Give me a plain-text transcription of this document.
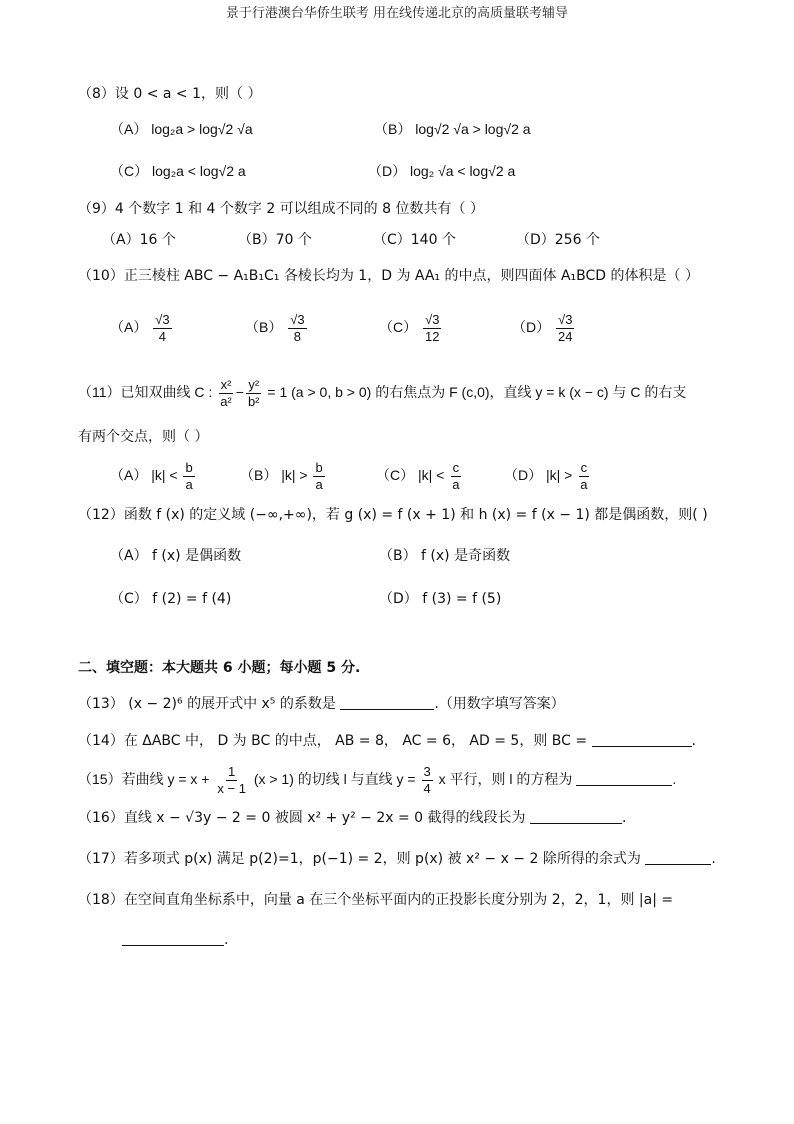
景于行港澳台华侨生联考 用在线传递北京的高质量联考辅导
（8）设 0 < a < 1，则（ ）
（A） log₂a > log√2 √a	（B） log√2 √a > log√2 a
（C） log₂a < log√2 a	（D） log₂ √a < log√2 a
（9）4 个数字 1 和 4 个数字 2 可以组成不同的 8 位数共有（ ）
（A）16 个	（B）70 个	（C）140 个	（D）256 个
（10）正三棱柱 ABC − A₁B₁C₁ 各棱长均为 1，D 为 AA₁ 的中点，则四面体 A₁BCD 的体积是（ ）
$(A) \frac{√3}{4}$	$(B) \frac{√3}{8}$	$(C) \frac{√3}{12}$	$(D) \frac{√3}{24}$
（11）已知双曲线 C : $\frac{\text{x²}}{\text{a²}} - \frac{\text{y²}}{\text{b²}} = 1$ (a > 0, b > 0) 的右焦点为 F (c,0)，直线 y = k (x − c) 与 C 的右支
有两个交点，则（ ）
（A） $|k| < \frac{b}{a}$	（B） $|k| > \frac{b}{a}$	（C） $|k| < \frac{c}{a}$	（D） $|k| > \frac{c}{a}$
（12）函数 f (x) 的定义域 (−∞,+∞)，若 g (x) = f (x + 1) 和 h (x) = f (x − 1) 都是偶函数，则( )
（A） f (x) 是偶函数	（B） f (x) 是奇函数
（C） f (2) = f (4)	（D） f (3) = f (5)
二、填空题：本大题共 6 小题；每小题 5 分.
（13） (x − 2)⁶ 的展开式中 x⁵ 的系数是	.（用数字填写答案）
（14）在 ΔABC 中， D 为 BC 的中点， AB = 8， AC = 6， AD = 5，则 BC =	.
（15）若曲线 $y = x + \frac{1}{x - 1} (x > 1)$ 的切线 l 与直线 $y = \frac{3}{4}$ x 平行，则 l 的方程为	.
（16）直线 x − √3y − 2 = 0 被圆 x² + y² − 2x = 0 截得的线段长为	.
（17）若多项式 p(x) 满足 p(2)=1，p(−1) = 2，则 p(x) 被 x² − x − 2 除所得的余式为	.
（18）在空间直角坐标系中，向量 a 在三个坐标平面内的正投影长度分别为 2，2，1，则 |a| =
.
